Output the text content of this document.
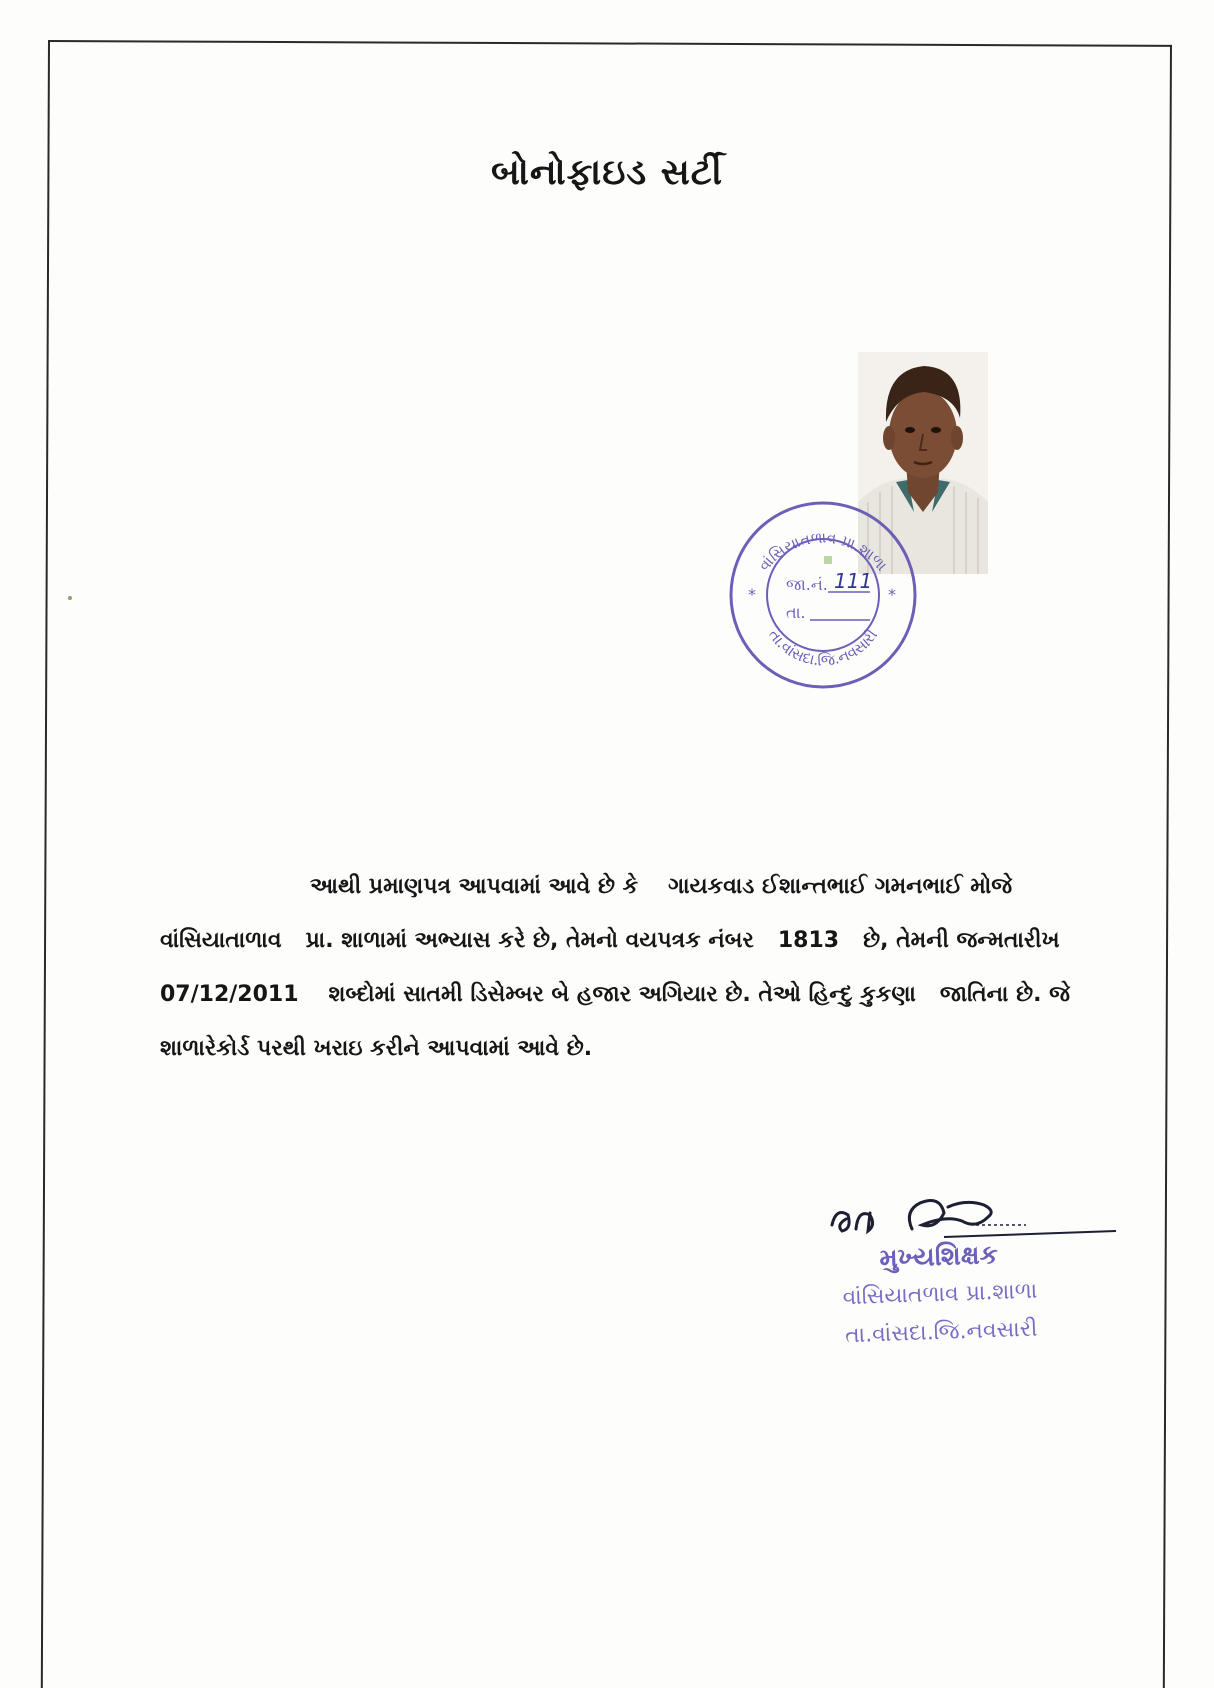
બોનોફાઇડ સર્ટી
વાંસિયાતળાવ પ્રા.શાળા
તા.વાંસદા.જિ.નવસારી
*	*
જા.નં. 111
તા.
આથી પ્રમાણપત્ર આપવામાં આવે છે કે ગાયકવાડ ઈશાન્તભાઈ ગમનભાઈ મોજે
વાંસિયાતાળાવ પ્રા. શાળામાં અભ્યાસ કરે છે, તેમનો વયપત્રક નંબર 1813 છે, તેમની જન્મતારીખ
07/12/2011 શબ્દોમાં સાતમી ડિસેમ્બર બે હજાર અગિયાર છે. તેઓ હિન્દુ કુકણા જાતિના છે. જે
શાળારેકોર્ડ પરથી ખરાઇ કરીને આપવામાં આવે છે.
મુખ્યશિક્ષક
વાંસિયાતળાવ પ્રા.શાળા
તા.વાંસદા.જિ.નવસારી
